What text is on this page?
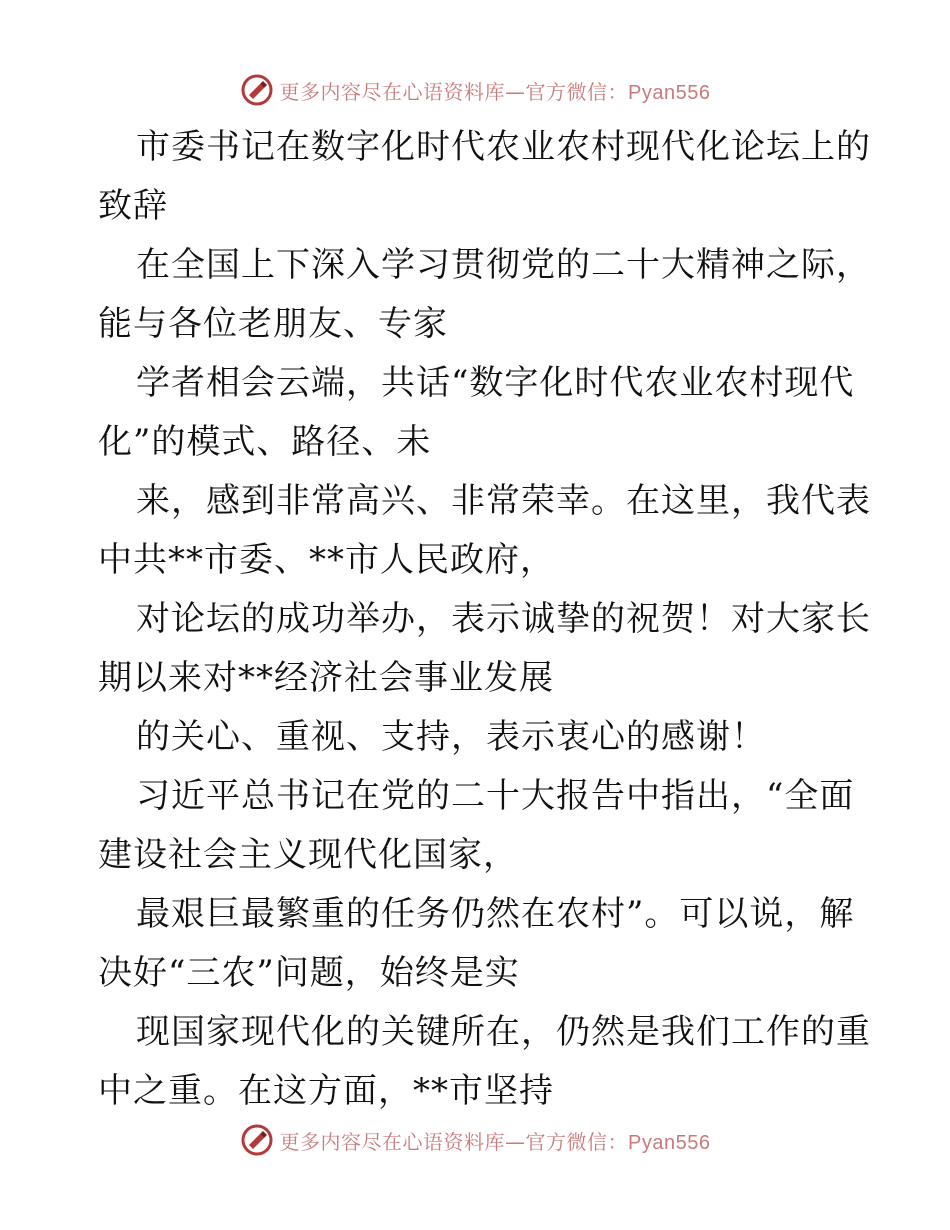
更多内容尽在心语资料库—官方微信：Pyan556
市委书记在数字化时代农业农村现代化论坛上的
致辞
在全国上下深入学习贯彻党的二十大精神之际，
能与各位老朋友、专家
学者相会云端，共话“数字化时代农业农村现代
化”的模式、路径、未
来，感到非常高兴、非常荣幸。在这里，我代表
中共**市委、**市人民政府，
对论坛的成功举办，表示诚挚的祝贺！对大家长
期以来对**经济社会事业发展
的关心、重视、支持，表示衷心的感谢！
习近平总书记在党的二十大报告中指出，“全面
建设社会主义现代化国家，
最艰巨最繁重的任务仍然在农村”。可以说，解
决好“三农”问题，始终是实
现国家现代化的关键所在，仍然是我们工作的重
中之重。在这方面，**市坚持
更多内容尽在心语资料库—官方微信：Pyan556
